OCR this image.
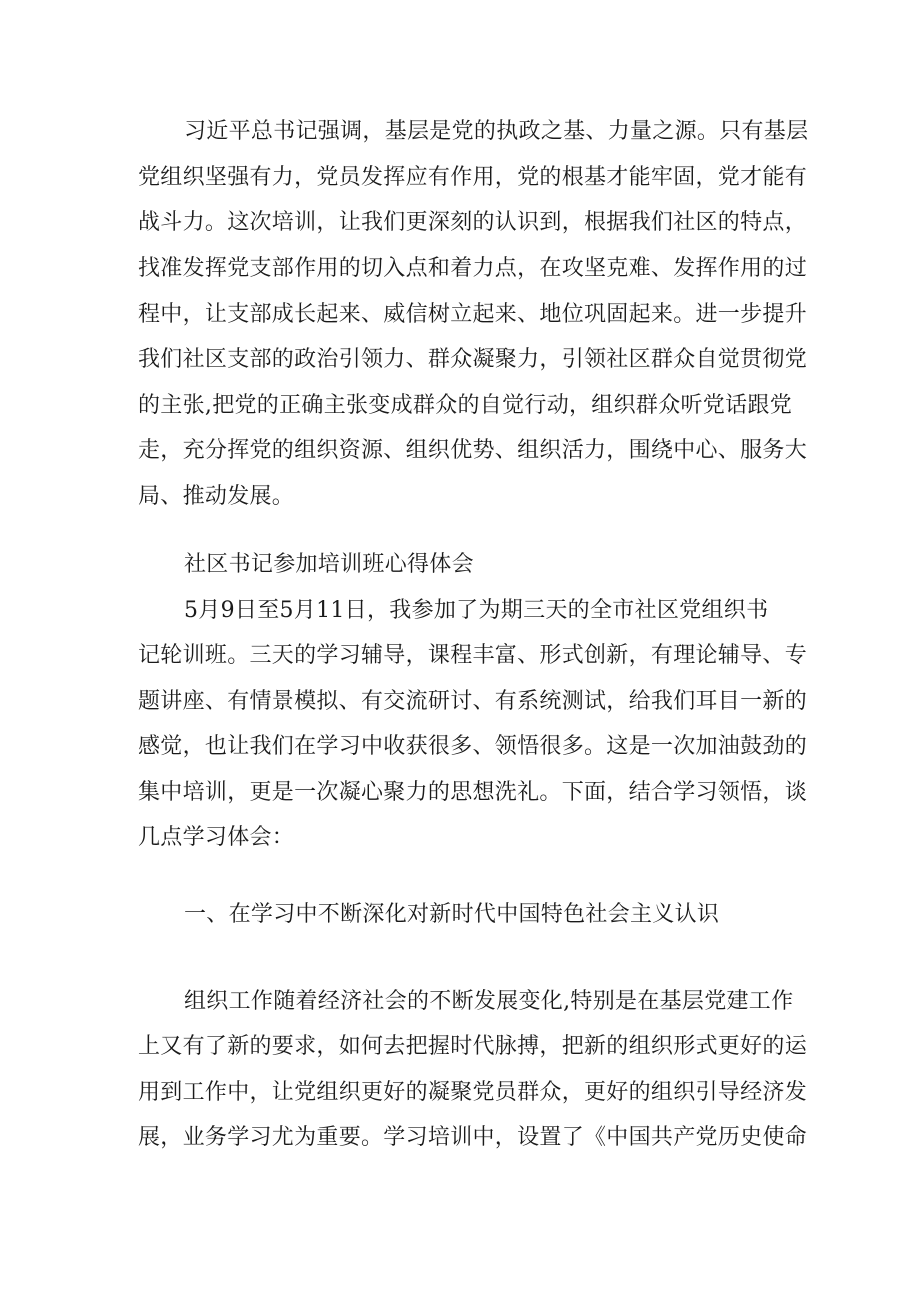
习近平总书记强调，基层是党的执政之基、力量之源。只有基层
党组织坚强有力，党员发挥应有作用，党的根基才能牢固，党才能有
战斗力。这次培训，让我们更深刻的认识到，根据我们社区的特点，
找准发挥党支部作用的切入点和着力点，在攻坚克难、发挥作用的过
程中，让支部成长起来、威信树立起来、地位巩固起来。进一步提升
我们社区支部的政治引领力、群众凝聚力，引领社区群众自觉贯彻党
的主张,把党的正确主张变成群众的自觉行动，组织群众听党话跟党
走，充分挥党的组织资源、组织优势、组织活力，围绕中心、服务大
局、推动发展。
社区书记参加培训班心得体会
5月9日至5月11日，我参加了为期三天的全市社区党组织书
记轮训班。三天的学习辅导，课程丰富、形式创新，有理论辅导、专
题讲座、有情景模拟、有交流研讨、有系统测试，给我们耳目一新的
感觉，也让我们在学习中收获很多、领悟很多。这是一次加油鼓劲的
集中培训，更是一次凝心聚力的思想洗礼。下面，结合学习领悟，谈
几点学习体会：
一、在学习中不断深化对新时代中国特色社会主义认识
组织工作随着经济社会的不断发展变化,特别是在基层党建工作
上又有了新的要求，如何去把握时代脉搏，把新的组织形式更好的运
用到工作中，让党组织更好的凝聚党员群众，更好的组织引导经济发
展，业务学习尤为重要。学习培训中，设置了《中国共产党历史使命
